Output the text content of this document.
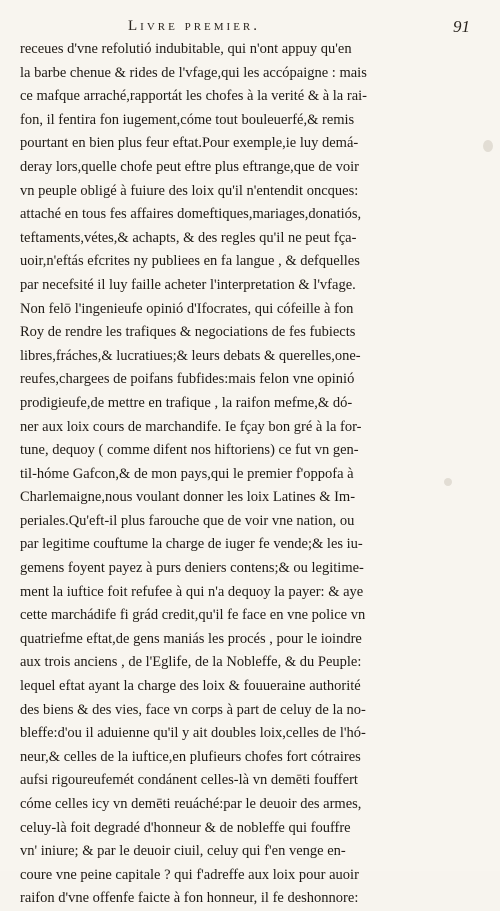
Livre premier.	91
receues d'vne refolutió indubitable, qui n'ont appuy qu'en
la barbe chenue & rides de l'vfage,qui les accópaigne : mais
ce mafque arraché,rapportát les chofes à la verité & à la rai-
fon, il fentira fon iugement,cóme tout bouleuerfé,& remis
pourtant en bien plus feur eftat.Pour exemple,ie luy demá-
deray lors,quelle chofe peut eftre plus eftrange,que de voir
vn peuple obligé à fuiure des loix qu'il n'entendit oncques:
attaché en tous fes affaires domeftiques,mariages,donatiós,
teftaments,vétes,& achapts, & des regles qu'il ne peut fça-
uoir,n'eftás efcrites ny publiees en fa langue , & defquelles
par necefsité il luy faille acheter l'interpretation & l'vfage.
Non felō l'ingenieufe opinió d'Ifocrates, qui cófeille à fon
Roy de rendre les trafiques & negociations de fes fubiects
libres,fráches,& lucratiues;& leurs debats & querelles,one-
reufes,chargees de poifans fubfides:mais felon vne opinió
prodigieufe,de mettre en trafique , la raifon mefme,& dó-
ner aux loix cours de marchandife. Ie fçay bon gré à la for-
tune, dequoy ( comme difent nos hiftoriens) ce fut vn gen-
til-hóme Gafcon,& de mon pays,qui le premier f'oppofa à
Charlemaigne,nous voulant donner les loix Latines & Im-
periales.Qu'eft-il plus farouche que de voir vne nation, ou
par legitime couftume la charge de iuger fe vende;& les iu-
gemens foyent payez à purs deniers contens;& ou legitime-
ment la iuftice foit refufee à qui n'a dequoy la payer: & aye
cette marchádife fi grád credit,qu'il fe face en vne police vn
quatriefme eftat,de gens maniás les procés , pour le ioindre
aux trois anciens , de l'Eglife, de la Nobleffe, & du Peuple:
lequel eftat ayant la charge des loix & fouueraine authorité
des biens & des vies, face vn corps à part de celuy de la no-
bleffe:d'ou il aduienne qu'il y ait doubles loix,celles de l'hó-
neur,& celles de la iuftice,en plufieurs chofes fort cótraires
aufsi rigoureufemét condánent celles-là vn demēti fouffert
cóme celles icy vn demēti reuáché:par le deuoir des armes,
celuy-là foit degradé d'honneur & de nobleffe qui fouffre
vn' iniure; & par le deuoir ciuil, celuy qui f'en venge en-
coure vne peine capitale ? qui f'adreffe aux loix pour auoir
raifon d'vne offenfe faicte à fon honneur, il fe deshonnore:
